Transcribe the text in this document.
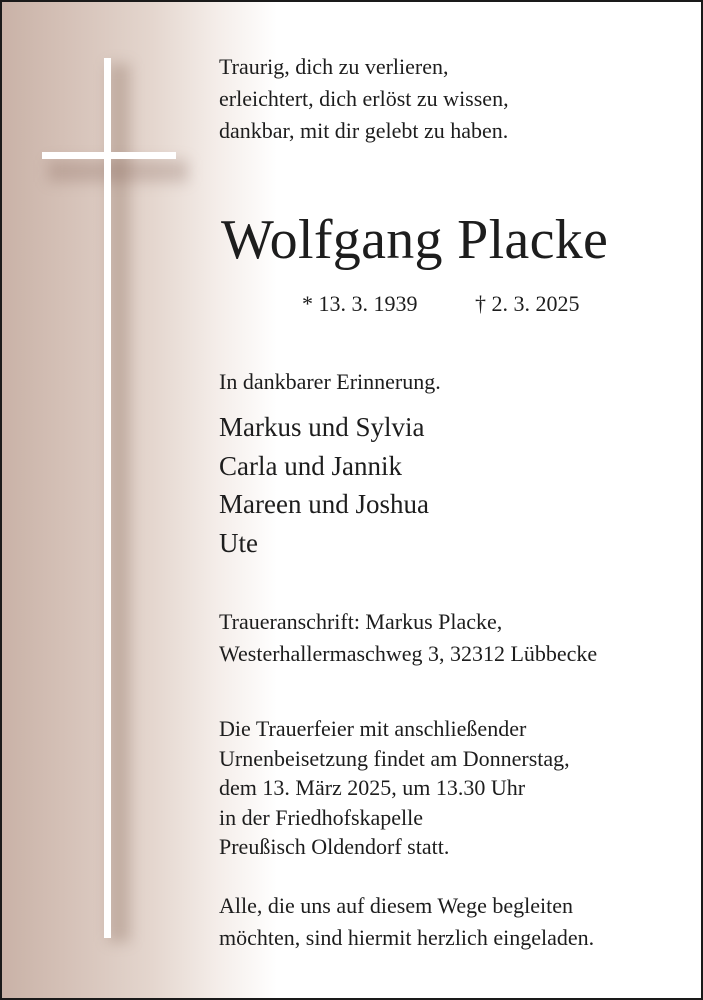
Traurig, dich zu verlieren,
erleichtert, dich erlöst zu wissen,
dankbar, mit dir gelebt zu haben.
Wolfgang Placke
* 13. 3. 1939	† 2. 3. 2025
In dankbarer Erinnerung.
Markus und Sylvia
Carla und Jannik
Mareen und Joshua
Ute
Traueranschrift: Markus Placke,
Westerhallermaschweg 3, 32312 Lübbecke
Die Trauerfeier mit anschließender
Urnenbeisetzung findet am Donnerstag,
dem 13. März 2025, um 13.30 Uhr
in der Friedhofskapelle
Preußisch Oldendorf statt.
Alle, die uns auf diesem Wege begleiten
möchten, sind hiermit herzlich eingeladen.
